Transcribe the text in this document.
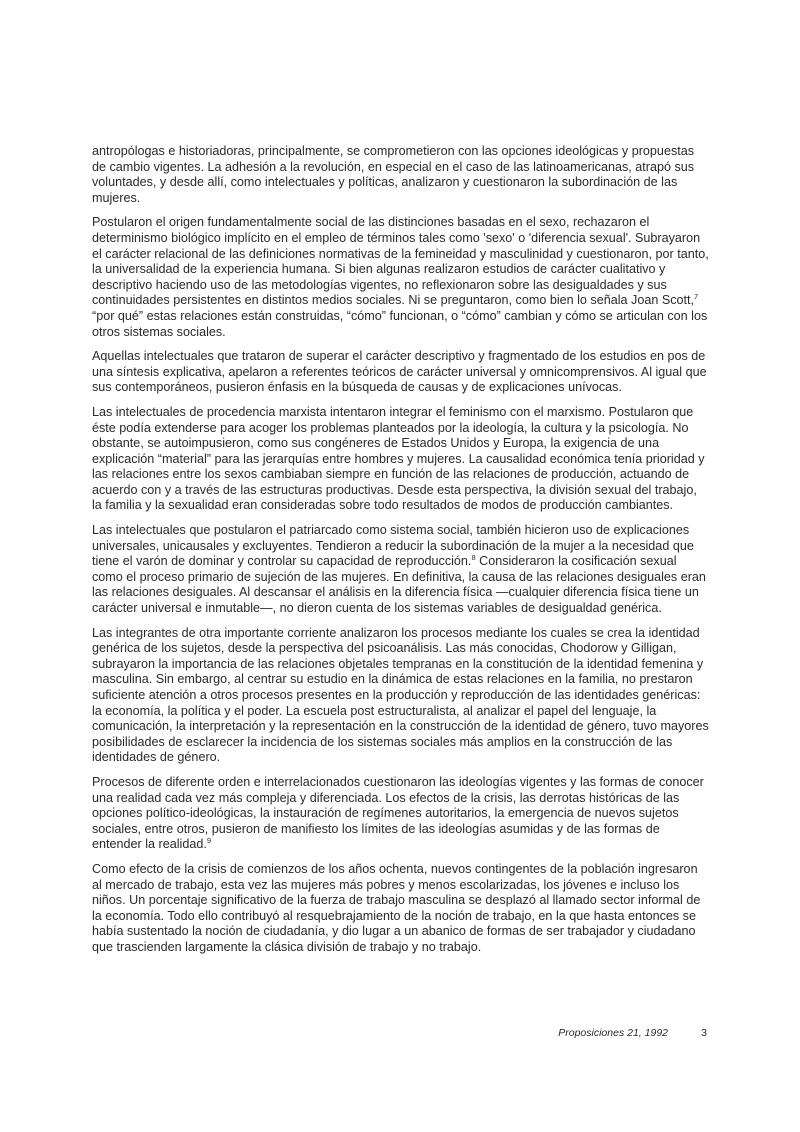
antropólogas e historiadoras, principalmente, se comprometieron con las opciones ideológicas y propuestas de cambio vigentes. La adhesión a la revolución, en especial en el caso de las latinoamericanas, atrapó sus voluntades, y desde allí, como intelectuales y políticas, analizaron y cuestionaron la subordinación de las mujeres.

Postularon el origen fundamentalmente social de las distinciones basadas en el sexo, rechazaron el determinismo biológico implícito en el empleo de términos tales como 'sexo' o 'diferencia sexual'. Subrayaron el carácter relacional de las definiciones normativas de la femineidad y masculinidad y cuestionaron, por tanto, la universalidad de la experiencia humana. Si bien algunas realizaron estudios de carácter cualitativo y descriptivo haciendo uso de las metodologías vigentes, no reflexionaron sobre las desigualdades y sus continuidades persistentes en distintos medios sociales. Ni se preguntaron, como bien lo señala Joan Scott,$^7$ “por qué” estas relaciones están construidas, “cómo” funcionan, o “cómo” cambian y cómo se articulan con los otros sistemas sociales.

Aquellas intelectuales que trataron de superar el carácter descriptivo y fragmentado de los estudios en pos de una síntesis explicativa, apelaron a referentes teóricos de carácter universal y omnicomprensivos. Al igual que sus contemporáneos, pusieron énfasis en la búsqueda de causas y de explicaciones unívocas.

Las intelectuales de procedencia marxista intentaron integrar el feminismo con el marxismo. Postularon que éste podía extenderse para acoger los problemas planteados por la ideología, la cultura y la psicología. No obstante, se autoimpusieron, como sus congéneres de Estados Unidos y Europa, la exigencia de una explicación “material” para las jerarquías entre hombres y mujeres. La causalidad económica tenía prioridad y las relaciones entre los sexos cambiaban siempre en función de las relaciones de producción, actuando de acuerdo con y a través de las estructuras productivas. Desde esta perspectiva, la división sexual del trabajo, la familia y la sexualidad eran consideradas sobre todo resultados de modos de producción cambiantes.

Las intelectuales que postularon el patriarcado como sistema social, también hicieron uso de explicaciones universales, unicausales y excluyentes. Tendieron a reducir la subordinación de la mujer a la necesidad que tiene el varón de dominar y controlar su capacidad de reproducción.$^8$ Consideraron la cosificación sexual como el proceso primario de sujeción de las mujeres. En definitiva, la causa de las relaciones desiguales eran las relaciones desiguales. Al descansar el análisis en la diferencia física —cualquier diferencia física tiene un carácter universal e inmutable—, no dieron cuenta de los sistemas variables de desigualdad genérica.

Las integrantes de otra importante corriente analizaron los procesos mediante los cuales se crea la identidad genérica de los sujetos, desde la perspectiva del psicoanálisis. Las más conocidas, Chodorow y Gilligan, subrayaron la importancia de las relaciones objetales tempranas en la constitución de la identidad femenina y masculina. Sin embargo, al centrar su estudio en la dinámica de estas relaciones en la familia, no prestaron suficiente atención a otros procesos presentes en la producción y reproducción de las identidades genéricas: la economía, la política y el poder. La escuela post estructuralista, al analizar el papel del lenguaje, la comunicación, la interpretación y la representación en la construcción de la identidad de género, tuvo mayores posibilidades de esclarecer la incidencia de los sistemas sociales más amplios en la construcción de las identidades de género.

Procesos de diferente orden e interrelacionados cuestionaron las ideologías vigentes y las formas de conocer una realidad cada vez más compleja y diferenciada. Los efectos de la crisis, las derrotas históricas de las opciones político-ideológicas, la instauración de regímenes autoritarios, la emergencia de nuevos sujetos sociales, entre otros, pusieron de manifiesto los límites de las ideologías asumidas y de las formas de entender la realidad.$^9$

Como efecto de la crisis de comienzos de los años ochenta, nuevos contingentes de la población ingresaron al mercado de trabajo, esta vez las mujeres más pobres y menos escolarizadas, los jóvenes e incluso los niños. Un porcentaje significativo de la fuerza de trabajo masculina se desplazó al llamado sector informal de la economía. Todo ello contribuyó al resquebrajamiento de la noción de trabajo, en la que hasta entonces se había sustentado la noción de ciudadanía, y dio lugar a un abanico de formas de ser trabajador y ciudadano que trascienden largamente la clásica división de trabajo y no trabajo.

Proposiciones 21, 1992	3
